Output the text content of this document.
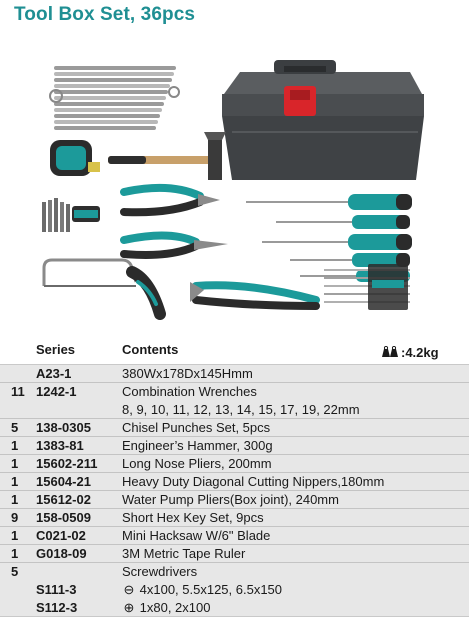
Tool Box Set, 36pcs
Series	Contents	:4.2kg
A23-1	380Wx178Dx145Hmm
11 1242-1	Combination Wrenches
8, 9, 10, 11, 12, 13, 14, 15, 17, 19, 22mm
5	138-0305	Chisel Punches Set, 5pcs
1	1383-81	Engineer’s Hammer, 300g
1	15602-211	Long Nose Pliers, 200mm
1	15604-21	Heavy Duty Diagonal Cutting Nippers,180mm
1	15612-02	Water Pump Pliers(Box joint), 240mm
9	158-0509	Short Hex Key Set, 9pcs
1	C021-02	Mini Hacksaw W/6" Blade
1	G018-09	3M Metric Tape Ruler
5	Screwdrivers
S111-3	⊖ 4x100, 5.5x125, 6.5x150
S112-3	⊕ 1x80, 2x100
